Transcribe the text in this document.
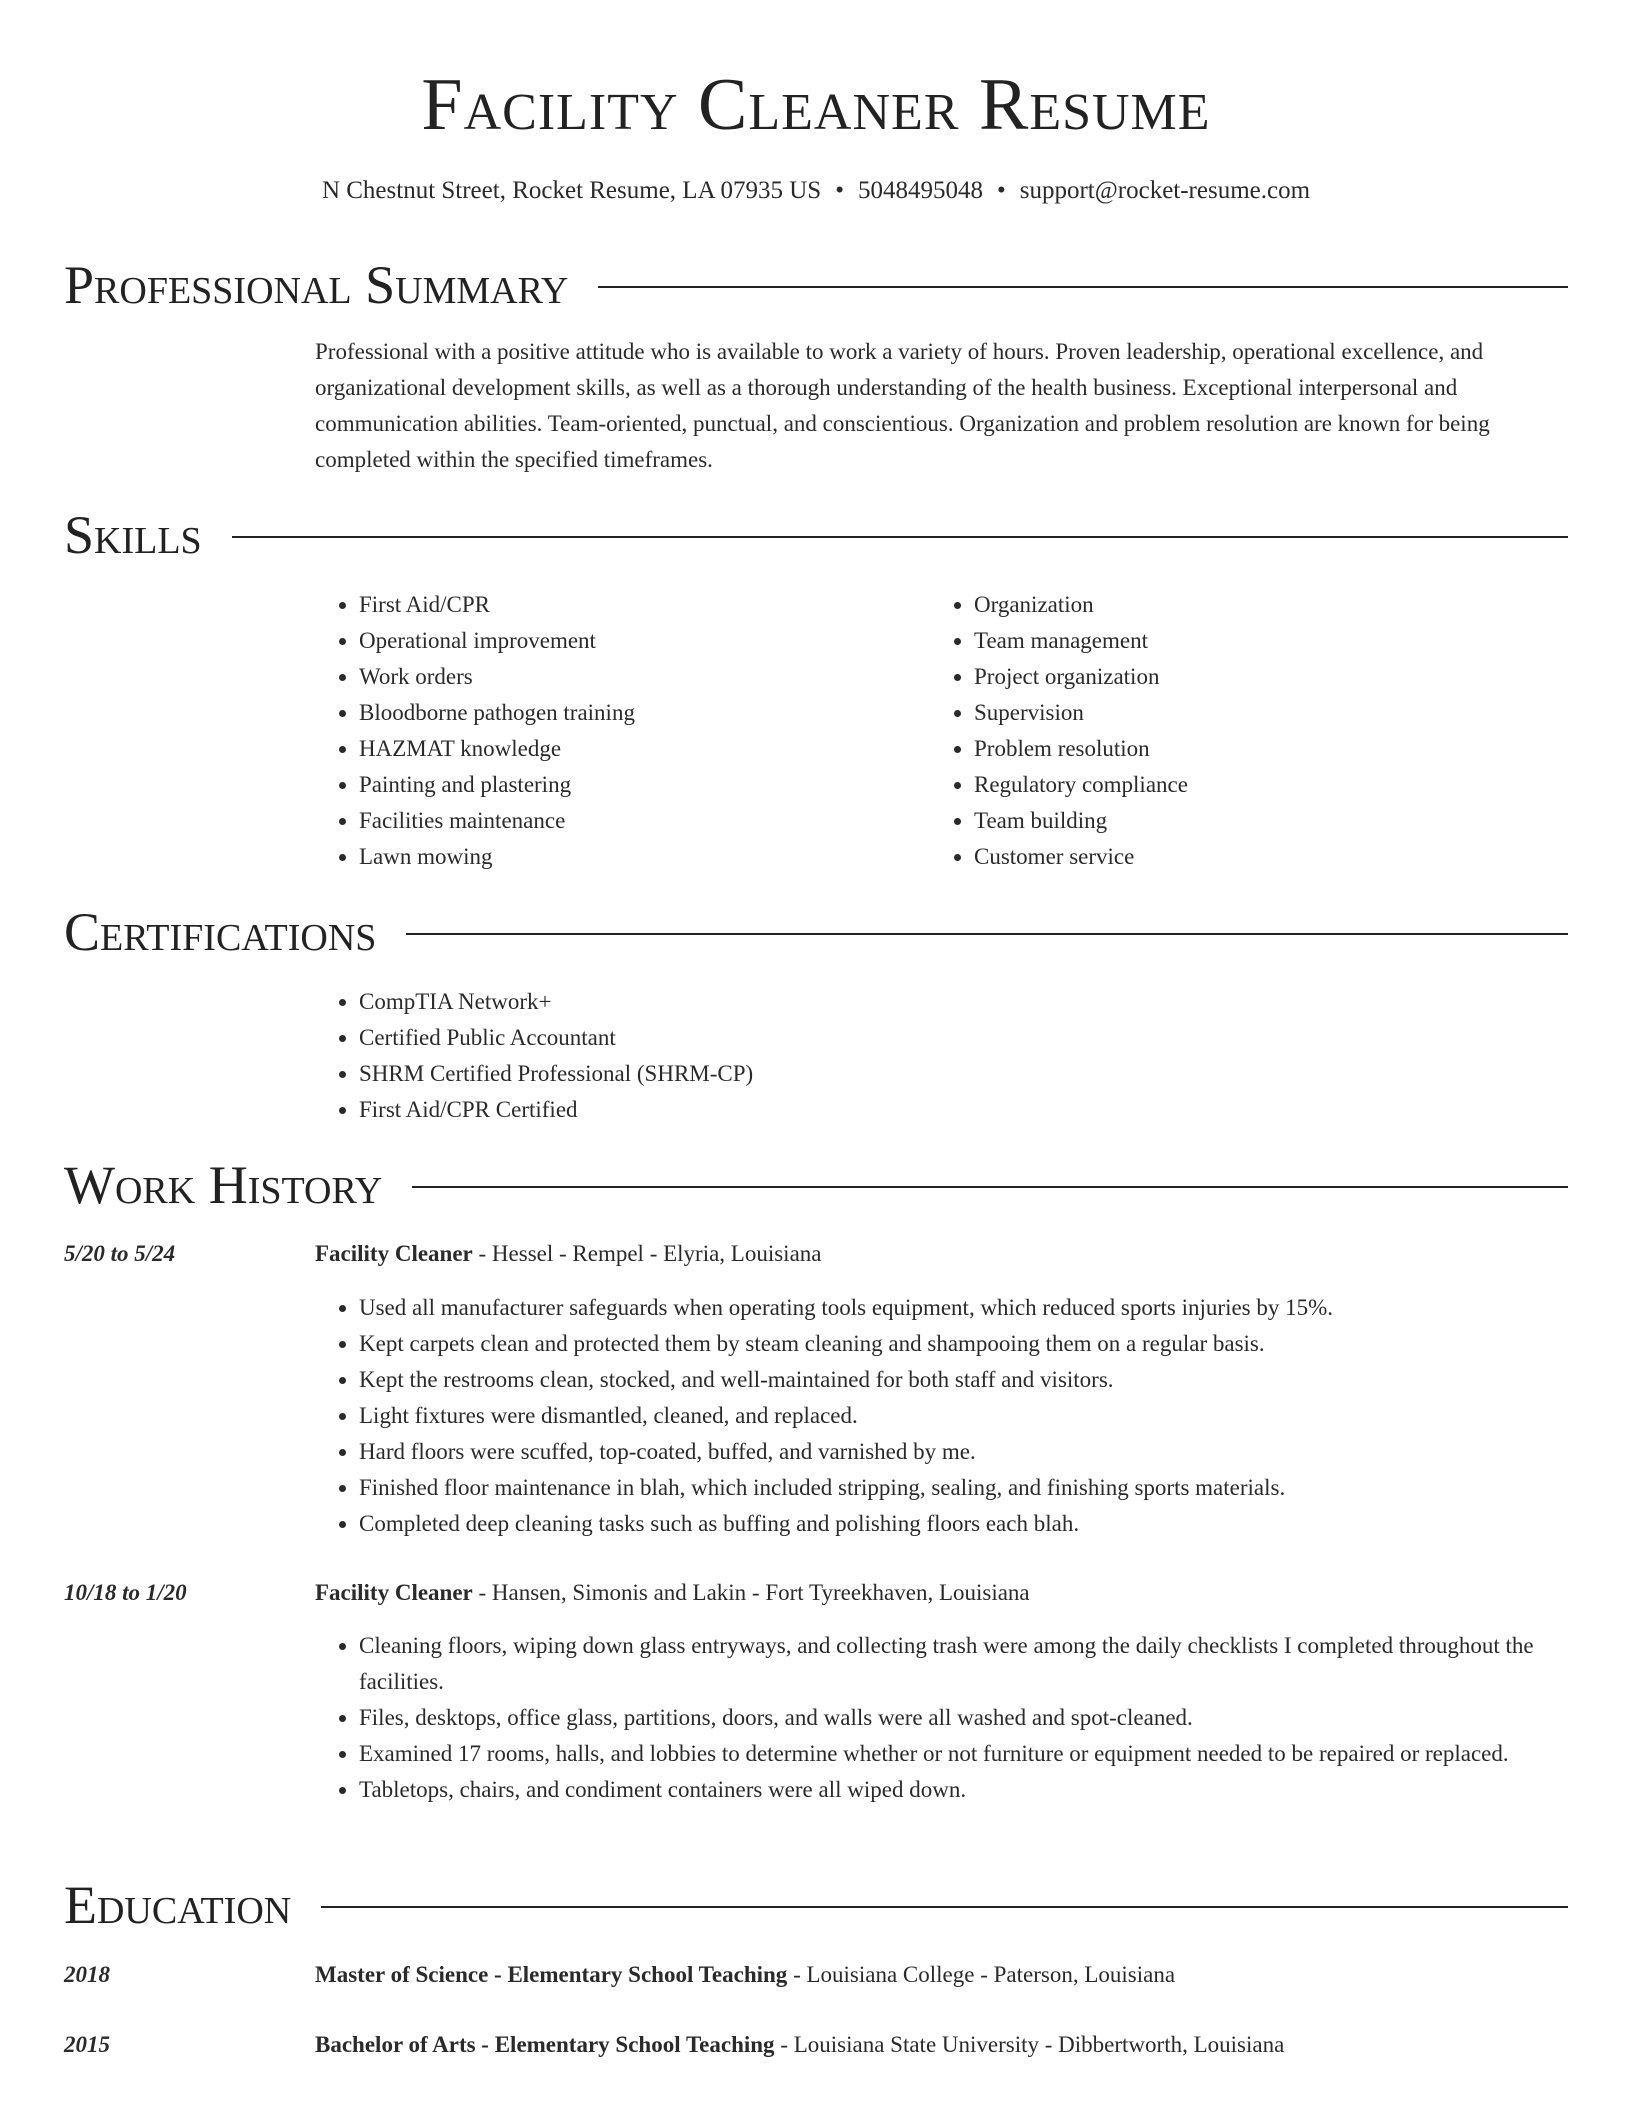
Facility Cleaner Resume
N Chestnut Street, Rocket Resume, LA 07935 US • 5048495048 • support@rocket-resume.com
Professional Summary
Professional with a positive attitude who is available to work a variety of hours. Proven leadership, operational excellence, and organizational development skills, as well as a thorough understanding of the health business. Exceptional interpersonal and communication abilities. Team-oriented, punctual, and conscientious. Organization and problem resolution are known for being completed within the specified timeframes.
Skills
• First Aid/CPR
• Operational improvement
• Work orders
• Bloodborne pathogen training
• HAZMAT knowledge
• Painting and plastering
• Facilities maintenance
• Lawn mowing
• Organization
• Team management
• Project organization
• Supervision
• Problem resolution
• Regulatory compliance
• Team building
• Customer service
Certifications
• CompTIA Network+
• Certified Public Accountant
• SHRM Certified Professional (SHRM-CP)
• First Aid/CPR Certified
Work History
5/20 to 5/24	Facility Cleaner - Hessel - Rempel - Elyria, Louisiana
• Used all manufacturer safeguards when operating tools equipment, which reduced sports injuries by 15%.
• Kept carpets clean and protected them by steam cleaning and shampooing them on a regular basis.
• Kept the restrooms clean, stocked, and well-maintained for both staff and visitors.
• Light fixtures were dismantled, cleaned, and replaced.
• Hard floors were scuffed, top-coated, buffed, and varnished by me.
• Finished floor maintenance in blah, which included stripping, sealing, and finishing sports materials.
• Completed deep cleaning tasks such as buffing and polishing floors each blah.
10/18 to 1/20	Facility Cleaner - Hansen, Simonis and Lakin - Fort Tyreekhaven, Louisiana
• Cleaning floors, wiping down glass entryways, and collecting trash were among the daily checklists I completed throughout the facilities.
• Files, desktops, office glass, partitions, doors, and walls were all washed and spot-cleaned.
• Examined 17 rooms, halls, and lobbies to determine whether or not furniture or equipment needed to be repaired or replaced.
• Tabletops, chairs, and condiment containers were all wiped down.
Education
2018	Master of Science - Elementary School Teaching - Louisiana College - Paterson, Louisiana
2015	Bachelor of Arts - Elementary School Teaching - Louisiana State University - Dibbertworth, Louisiana
